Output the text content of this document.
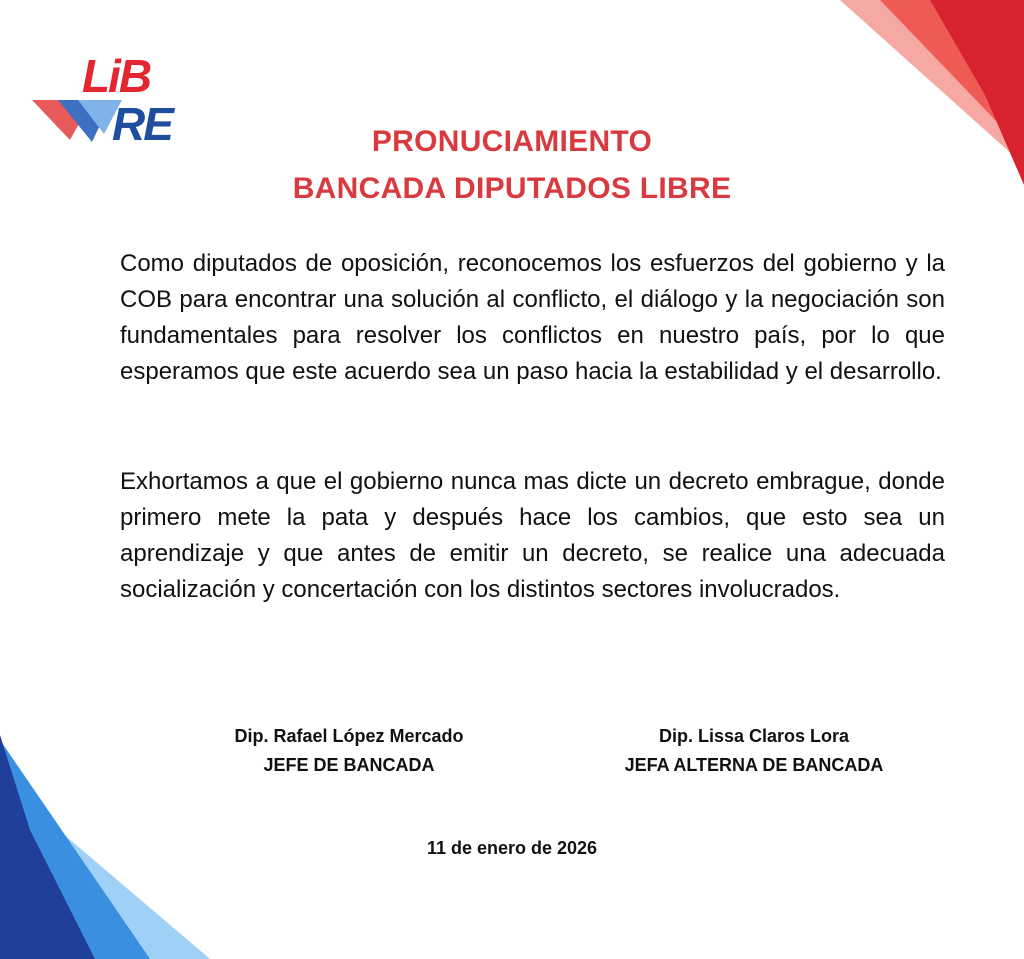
LiB
RE	PRONUCIAMIENTO
BANCADA DIPUTADOS LIBRE

Como diputados de oposición, reconocemos los esfuerzos del gobierno y la COB para encontrar una solución al conflicto, el diálogo y la negociación son fundamentales para resolver los conflictos en nuestro país, por lo que esperamos que este acuerdo sea un paso hacia la estabilidad y el desarrollo.

Exhortamos a que el gobierno nunca mas dicte un decreto embrague, donde primero mete la pata y después hace los cambios, que esto sea un aprendizaje y que antes de emitir un decreto, se realice una adecuada socialización y concertación con los distintos sectores involucrados.

Dip. Rafael López Mercado
JEFE DE BANCADA
Dip. Lissa Claros Lora
JEFA ALTERNA DE BANCADA
11 de enero de 2026
